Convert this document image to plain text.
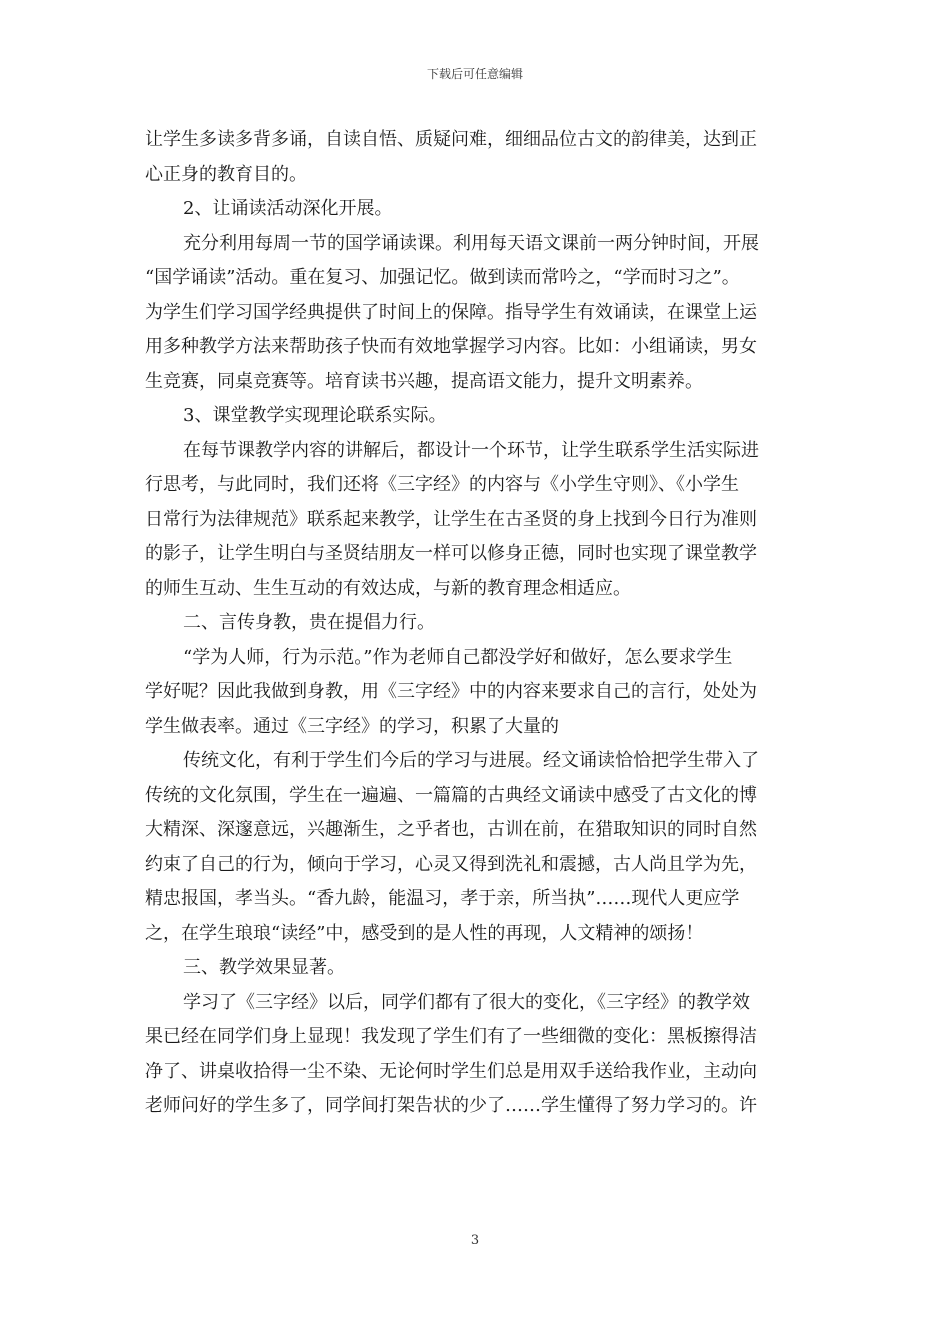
下载后可任意编辑

让学生多读多背多诵，自读自悟、质疑问难，细细品位古文的韵律美，达到正

心正身的教育目的。

2、让诵读活动深化开展。

充分利用每周一节的国学诵读课。利用每天语文课前一两分钟时间，开展

“国学诵读”活动。重在复习、加强记忆。做到读而常吟之，“学而时习之”。

为学生们学习国学经典提供了时间上的保障。指导学生有效诵读，在课堂上运

用多种教学方法来帮助孩子快而有效地掌握学习内容。比如：小组诵读，男女

生竞赛，同桌竞赛等。培育读书兴趣，提高语文能力，提升文明素养。

3、课堂教学实现理论联系实际。

在每节课教学内容的讲解后，都设计一个环节，让学生联系学生活实际进

行思考，与此同时，我们还将《三字经》的内容与《小学生守则》、《小学生

日常行为法律规范》联系起来教学，让学生在古圣贤的身上找到今日行为准则

的影子，让学生明白与圣贤结朋友一样可以修身正德，同时也实现了课堂教学

的师生互动、生生互动的有效达成，与新的教育理念相适应。

二、言传身教，贵在提倡力行。

“学为人师，行为示范。”作为老师自己都没学好和做好，怎么要求学生

学好呢？因此我做到身教，用《三字经》中的内容来要求自己的言行，处处为

学生做表率。通过《三字经》的学习，积累了大量的

传统文化，有利于学生们今后的学习与进展。经文诵读恰恰把学生带入了

传统的文化氛围，学生在一遍遍、一篇篇的古典经文诵读中感受了古文化的博

大精深、深邃意远，兴趣渐生，之乎者也，古训在前，在猎取知识的同时自然

约束了自己的行为，倾向于学习，心灵又得到洗礼和震撼，古人尚且学为先，

精忠报国，孝当头。“香九龄，能温习，孝于亲，所当执”……现代人更应学

之，在学生琅琅“读经”中，感受到的是人性的再现，人文精神的颂扬！

三、教学效果显著。

学习了《三字经》以后，同学们都有了很大的变化，《三字经》的教学效

果已经在同学们身上显现！我发现了学生们有了一些细微的变化：黑板擦得洁

净了、讲桌收拾得一尘不染、无论何时学生们总是用双手送给我作业，主动向

老师问好的学生多了，同学间打架告状的少了……学生懂得了努力学习的。许

3
